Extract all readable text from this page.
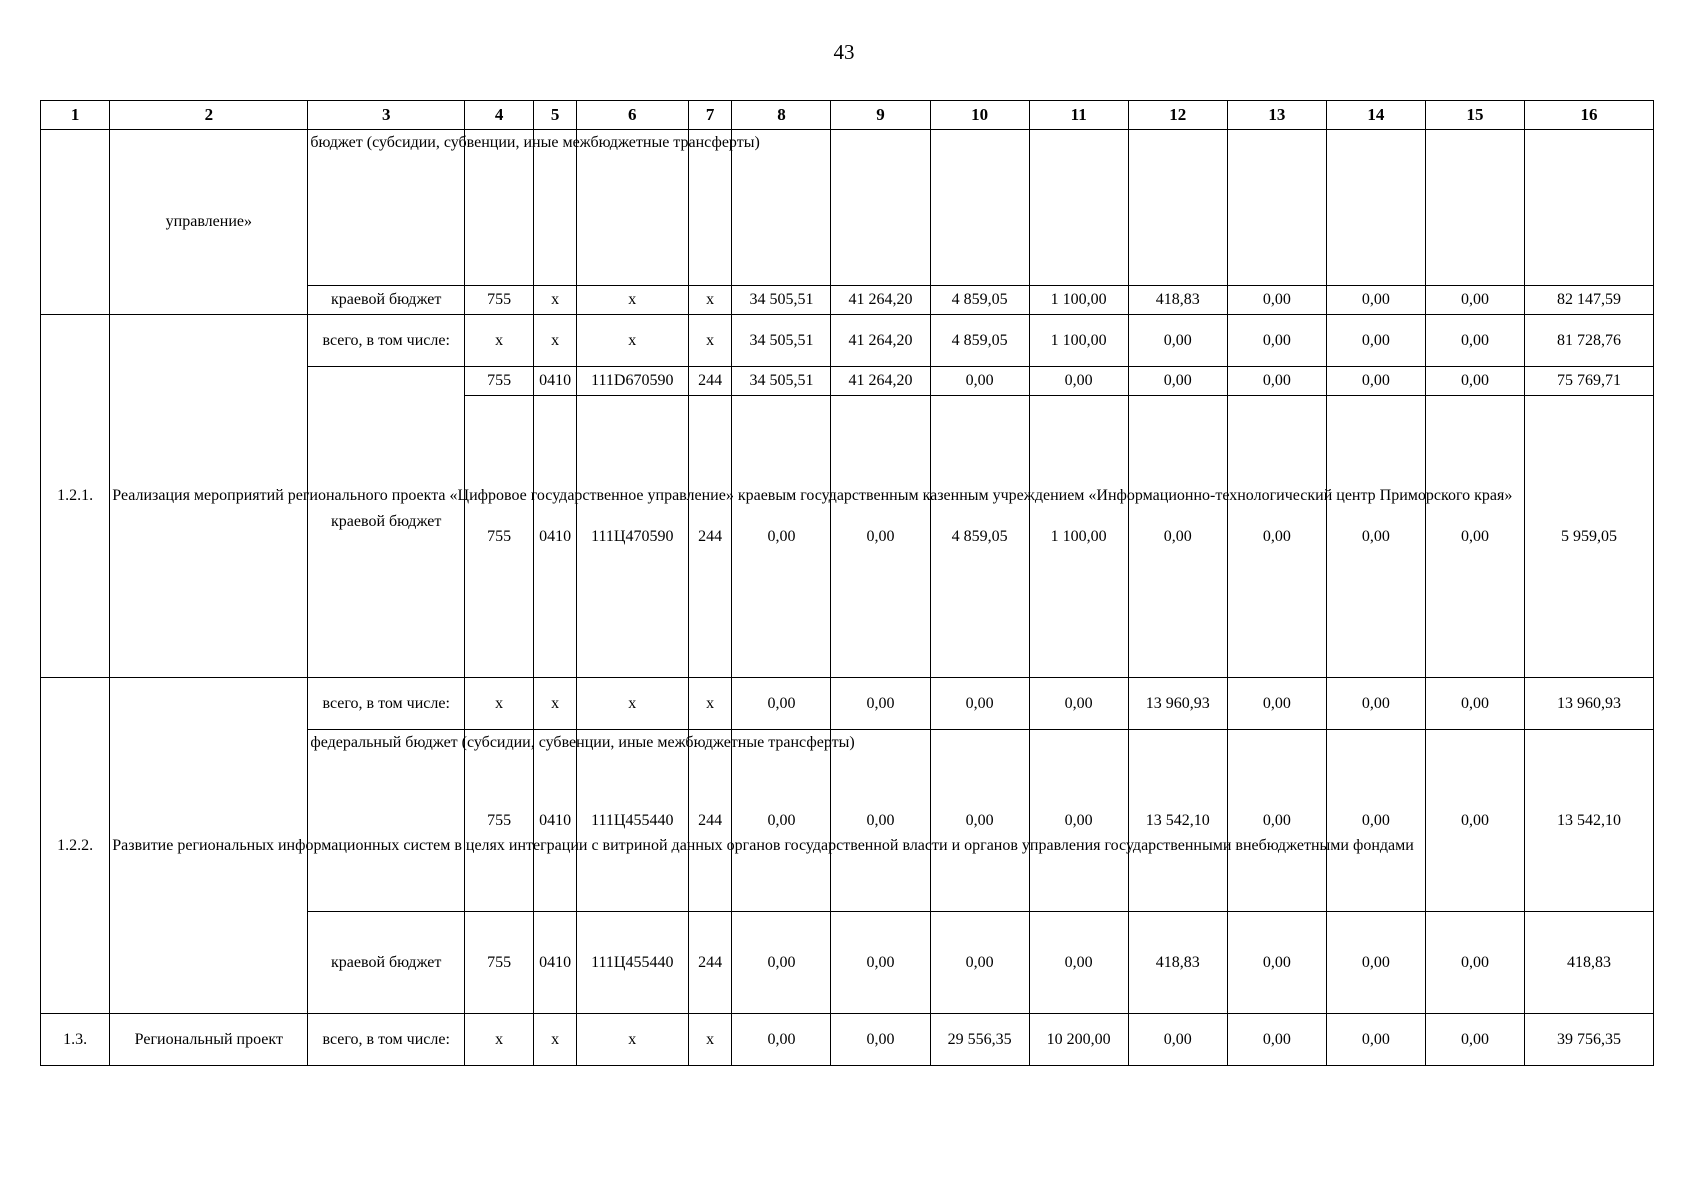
43
1	2	3	4	5	6	7	8	9	10	11	12	13	14	15	16
	управление»	бюджет (субсидии, субвенции, иные межбюджетные трансферты)													
		краевой бюджет	755	x	x	x	34 505,51	41 264,20	4 859,05	1 100,00	418,83	0,00	0,00	0,00	82 147,59
1.2.1.	Реализация мероприятий регионального проекта «Цифровое государственное управление» краевым государственным казенным учреждением «Информационно-технологический центр Приморского края»	всего, в том числе:	x	x	x	x	34 505,51	41 264,20	4 859,05	1 100,00	0,00	0,00	0,00	0,00	81 728,76
		краевой бюджет	755	0410	111D670590	244	34 505,51	41 264,20	0,00	0,00	0,00	0,00	0,00	0,00	75 769,71
			755	0410	111Ц470590	244	0,00	0,00	4 859,05	1 100,00	0,00	0,00	0,00	0,00	5 959,05
1.2.2.	Развитие региональных информационных систем в целях интеграции с витриной данных органов государственной власти и органов управления государственными внебюджетными фондами	всего, в том числе:	x	x	x	x	0,00	0,00	0,00	0,00	13 960,93	0,00	0,00	0,00	13 960,93
		федеральный бюджет (субсидии, субвенции, иные межбюджетные трансферты)	755	0410	111Ц455440	244	0,00	0,00	0,00	0,00	13 542,10	0,00	0,00	0,00	13 542,10
		краевой бюджет	755	0410	111Ц455440	244	0,00	0,00	0,00	0,00	418,83	0,00	0,00	0,00	418,83
1.3.	Региональный проект	всего, в том числе:	x	x	x	x	0,00	0,00	29 556,35	10 200,00	0,00	0,00	0,00	0,00	39 756,35
